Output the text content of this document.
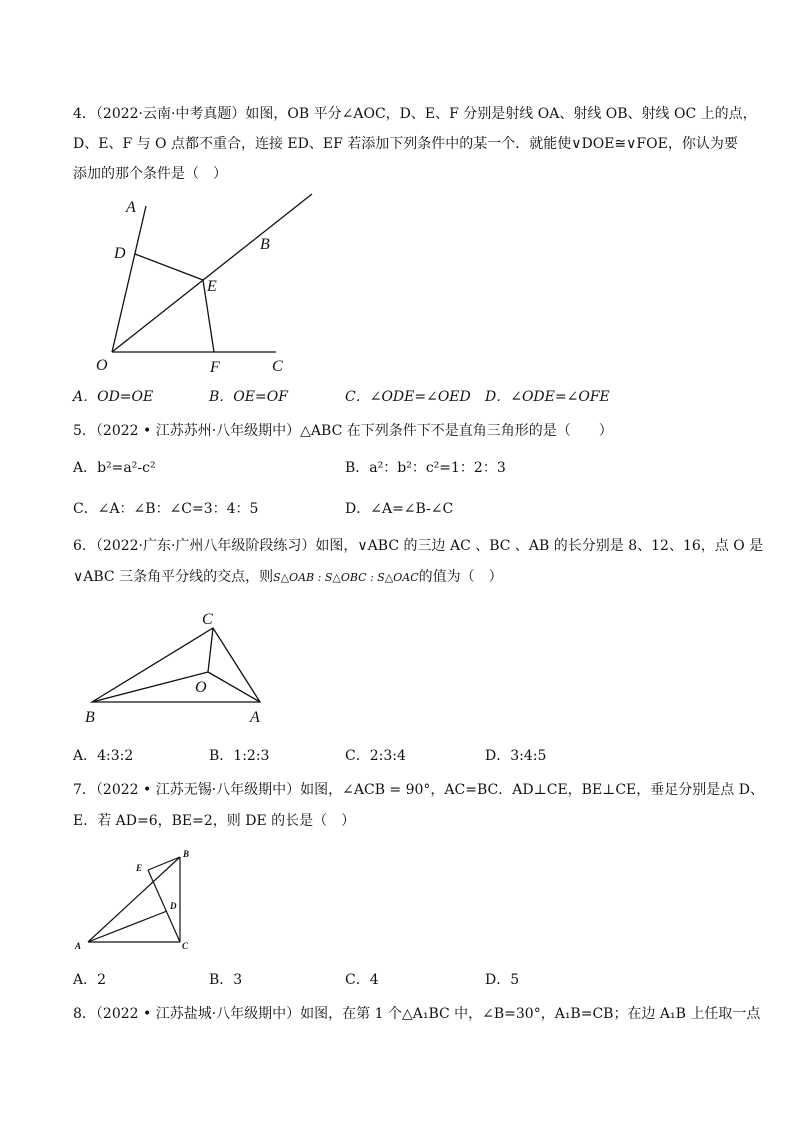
4．（2022·云南·中考真题）如图，OB 平分∠AOC，D、E、F 分别是射线 OA、射线 OB、射线 OC 上的点，
D、E、F 与 O 点都不重合，连接 ED、EF 若添加下列条件中的某一个．就能使∨DOE≅∨FOE，你认为要
添加的那个条件是（　）
A
B
C
D
E
F
O
A．OD=OE	B．OE=OF	C．∠ODE=∠OED D．∠ODE=∠OFE
5．（2022 • 江苏苏州·八年级期中）△ABC 在下列条件下不是直角三角形的是（　　）
A．b²=a²-c²	B．a²：b²：c²=1：2：3
C．∠A：∠B：∠C=3：4：5	D．∠A=∠B-∠C
6．（2022·广东·广州八年级阶段练习）如图，∨ABC 的三边 AC 、BC 、AB 的长分别是 8、12、16，点 O 是
∨ABC 三条角平分线的交点，则S△OAB : S△OBC : S△OAC的值为（　）
C
O
B	A
A．4:3:2	B．1:2:3	C．2:3:4	D．3:4:5
7．（2022 • 江苏无锡·八年级期中）如图，∠ACB = 90°，AC=BC．AD⊥CE，BE⊥CE，垂足分别是点 D、
E．若 AD=6，BE=2，则 DE 的长是（　）
B
E
D
A	C
A．2	B．3	C．4	D．5
8．（2022 • 江苏盐城·八年级期中）如图，在第 1 个△A₁BC 中，∠B=30°，A₁B=CB；在边 A₁B 上任取一点
